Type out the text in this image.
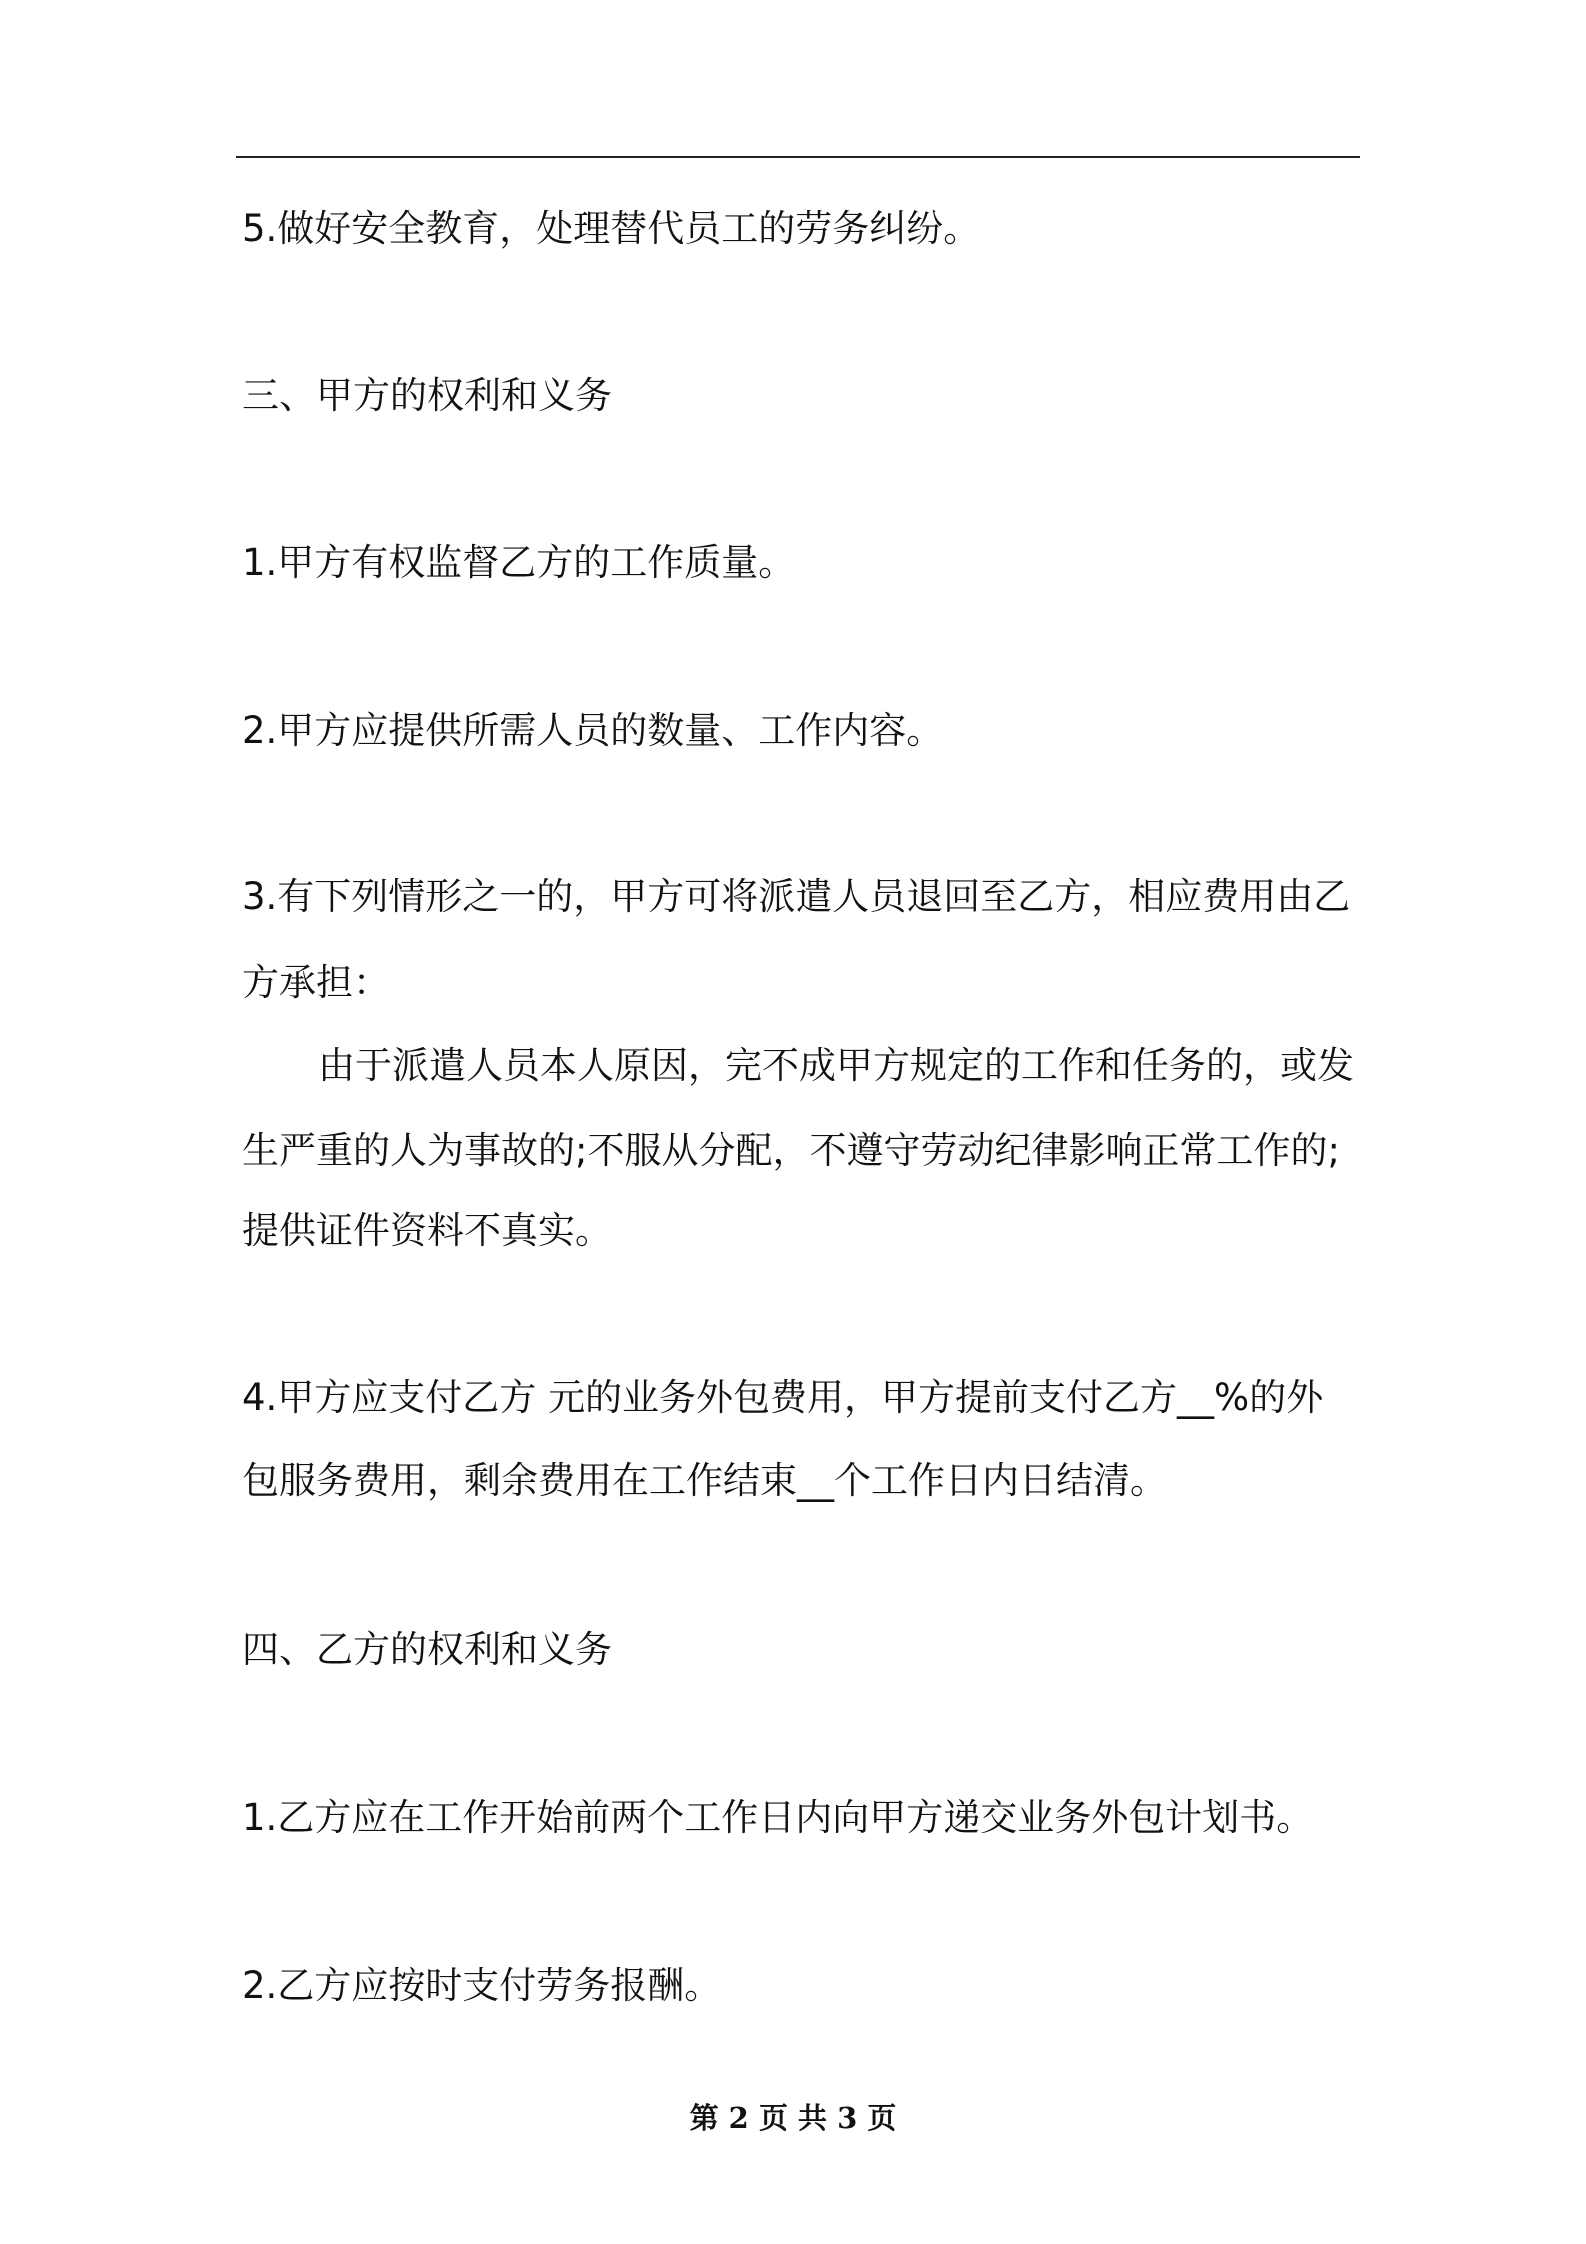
5.做好安全教育，处理替代员工的劳务纠纷。
三、甲方的权利和义务
1.甲方有权监督乙方的工作质量。
2.甲方应提供所需人员的数量、工作内容。
3.有下列情形之一的，甲方可将派遣人员退回至乙方，相应费用由乙
方承担：
由于派遣人员本人原因，完不成甲方规定的工作和任务的，或发
生严重的人为事故的;不服从分配，不遵守劳动纪律影响正常工作的;
提供证件资料不真实。
4.甲方应支付乙方 元的业务外包费用，甲方提前支付乙方__%的外
包服务费用，剩余费用在工作结束__个工作日内日结清。
四、乙方的权利和义务
1.乙方应在工作开始前两个工作日内向甲方递交业务外包计划书。
2.乙方应按时支付劳务报酬。
第 2 页 共 3 页
